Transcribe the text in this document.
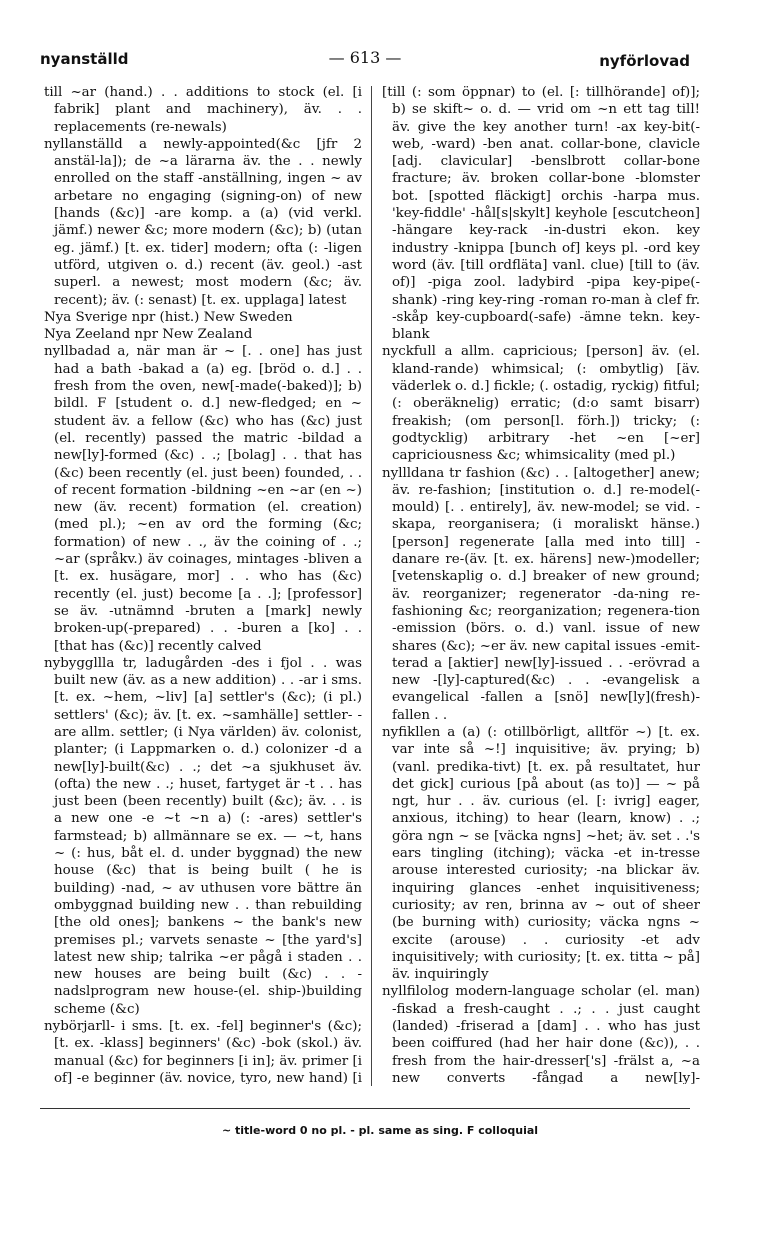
nyanställd	— 613 —	nyförlovad

till ~ar (hand.) . . additions to stock (el. [i fabrik] plant and machinery), äv. . . replacements (re-newals)

nyllanställd a newly-appointed(&c [jfr 2 anstäl-la]); de ~a lärarna äv. the . . newly enrolled on the staff -anställning, ingen ~ av arbetare no engaging (signing-on) of new [hands (&c)] -are komp. a (a) (vid verkl. jämf.) newer &c; more modern (&c); b) (utan eg. jämf.) [t. ex. tider] modern; ofta (: -ligen utförd, utgiven o. d.) recent (äv. geol.) -ast superl. a newest; most modern (&c; äv. recent); äv. (: senast) [t. ex. upplaga] latest

Nya Sverige npr (hist.) New Sweden

Nya Zeeland npr New Zealand

nyllbadad a, när man är ~ [. . one] has just had a bath -bakad a (a) eg. [bröd o. d.] . . fresh from the oven, new[-made(-baked)]; b) bildl. F [student o. d.] new-fledged; en ~ student äv. a fellow (&c) who has (&c) just (el. recently) passed the matric -bildad a new[ly]-formed (&c) . .; [bolag] . . that has (&c) been recently (el. just been) founded, . . of recent formation -bildning ~en ~ar (en ~) new (äv. recent) formation (el. creation) (med pl.); ~en av ord the forming (&c; formation) of new . ., äv the coining of . .; ~ar (språkv.) äv coinages, mintages -bliven a [t. ex. husägare, mor] . . who has (&c) recently (el. just) become [a . .]; [professor] se äv. -utnämnd -bruten a [mark] newly broken-up(-prepared) . . -buren a [ko] . . [that has (&c)] recently calved

nybyggllla tr, ladugården -des i fjol . . was built new (äv. as a new addition) . . -ar i sms. [t. ex. ~hem, ~liv] [a] settler's (&c); (i pl.) settlers' (&c); äv. [t. ex. ~samhälle] settler- -are allm. settler; (i Nya världen) äv. colonist, planter; (i Lappmarken o. d.) colonizer -d a new[ly]-built(&c) . .; det ~a sjukhuset äv. (ofta) the new . .; huset, fartyget är -t . . has just been (been recently) built (&c); äv. . . is a new one -e ~t ~n a) (: -ares) settler's farmstead; b) allmännare se ex. — ~t, hans ~ (: hus, båt el. d. under byggnad) the new house (&c) that is being built ( he is building) -nad, ~ av uthusen vore bättre än ombyggnad building new . . than rebuilding [the old ones]; bankens ~ the bank's new premises pl.; varvets senaste ~ [the yard's] latest new ship; talrika ~er pågå i staden . . new houses are being built (&c) . . -nadslprogram new house-(el. ship-)building scheme (&c)

nybörjarll- i sms. [t. ex. -fel] beginner's (&c); [t. ex. -klass] beginners' (&c) -bok (skol.) äv. manual (&c) for beginners [i in]; äv. primer [i of] -e beginner (äv. novice, tyro, new hand) [i

[till (: som öppnar) to (el. [: tillhörande] of)]; b) se skift~ o. d. — vrid om ~n ett tag till! äv. give the key another turn! -ax key-bit(-web, -ward) -ben anat. collar-bone, clavicle [adj. clavicular] -benslbrott collar-bone fracture; äv. broken collar-bone -blomster bot. [spotted fläckigt] orchis -harpa mus. 'key-fiddle' -hål[s|skylt] keyhole [escutcheon] -hängare key-rack -in-dustri ekon. key industry -knippa [bunch of] keys pl. -ord key word (äv. [till ordfläta] vanl. clue) [till to (äv. of)] -piga zool. ladybird -pipa key-pipe(-shank) -ring key-ring -roman ro-man à clef fr. -skåp key-cupboard(-safe) -ämne tekn. key-blank

nyckfull a allm. capricious; [person] äv. (el. kland-rande) whimsical; (: ombytlig) [äv. väderlek o. d.] fickle; (. ostadig, ryckig) fitful; (: oberäknelig) erratic; (d:o samt bisarr) freakish; (om person[l. förh.]) tricky; (: godtycklig) arbitrary -het ~en [~er] capriciousness &c; whimsicality (med pl.)

nyllldana tr fashion (&c) . . [altogether] anew; äv. re-fashion; [institution o. d.] re-model(-mould) [. . entirely], äv. new-model; se vid. -skapa, reorganisera; (i moraliskt hänse.) [person] regenerate [alla med into till] -danare re-(äv. [t. ex. härens] new-)modeller; [vetenskaplig o. d.] breaker of new ground; äv. reorganizer; regenerator -da-ning re-fashioning &c; reorganization; regenera-tion -emission (börs. o. d.) vanl. issue of new shares (&c); ~er äv. new capital issues -emit-terad a [aktier] new[ly]-issued . . -erövrad a new -[ly]-captured(&c) . . -evangelisk a evangelical -fallen a [snö] new[ly](fresh)-fallen . .

nyfikllen a (a) (: otillbörligt, alltför ~) [t. ex. var inte så ~!] inquisitive; äv. prying; b) (vanl. predika-tivt) [t. ex. på resultatet, hur det gick] curious [på about (as to)] — ~ på ngt, hur . . äv. curious (el. [: ivrig] eager, anxious, itching) to hear (learn, know) . .; göra ngn ~ se [väcka ngns] ~het; äv. set . .'s ears tingling (itching); väcka -et in-tresse arouse interested curiosity; -na blickar äv. inquiring glances -enhet inquisitiveness; curiosity; av ren, brinna av ~ out of sheer (be burning with) curiosity; väcka ngns ~ excite (arouse) . . curiosity -et adv inquisitively; with curiosity; [t. ex. titta ~ på] äv. inquiringly

nyllfilolog modern-language scholar (el. man) -fiskad a fresh-caught . .; . . just caught (landed) -friserad a [dam] . . who has just been coiffured (had her hair done (&c)), . . fresh from the hair-dresser['s] -frälst a, ~a new converts -fångad a new[ly]-

~ title-word 0 no pl. - pl. same as sing. F colloquial
